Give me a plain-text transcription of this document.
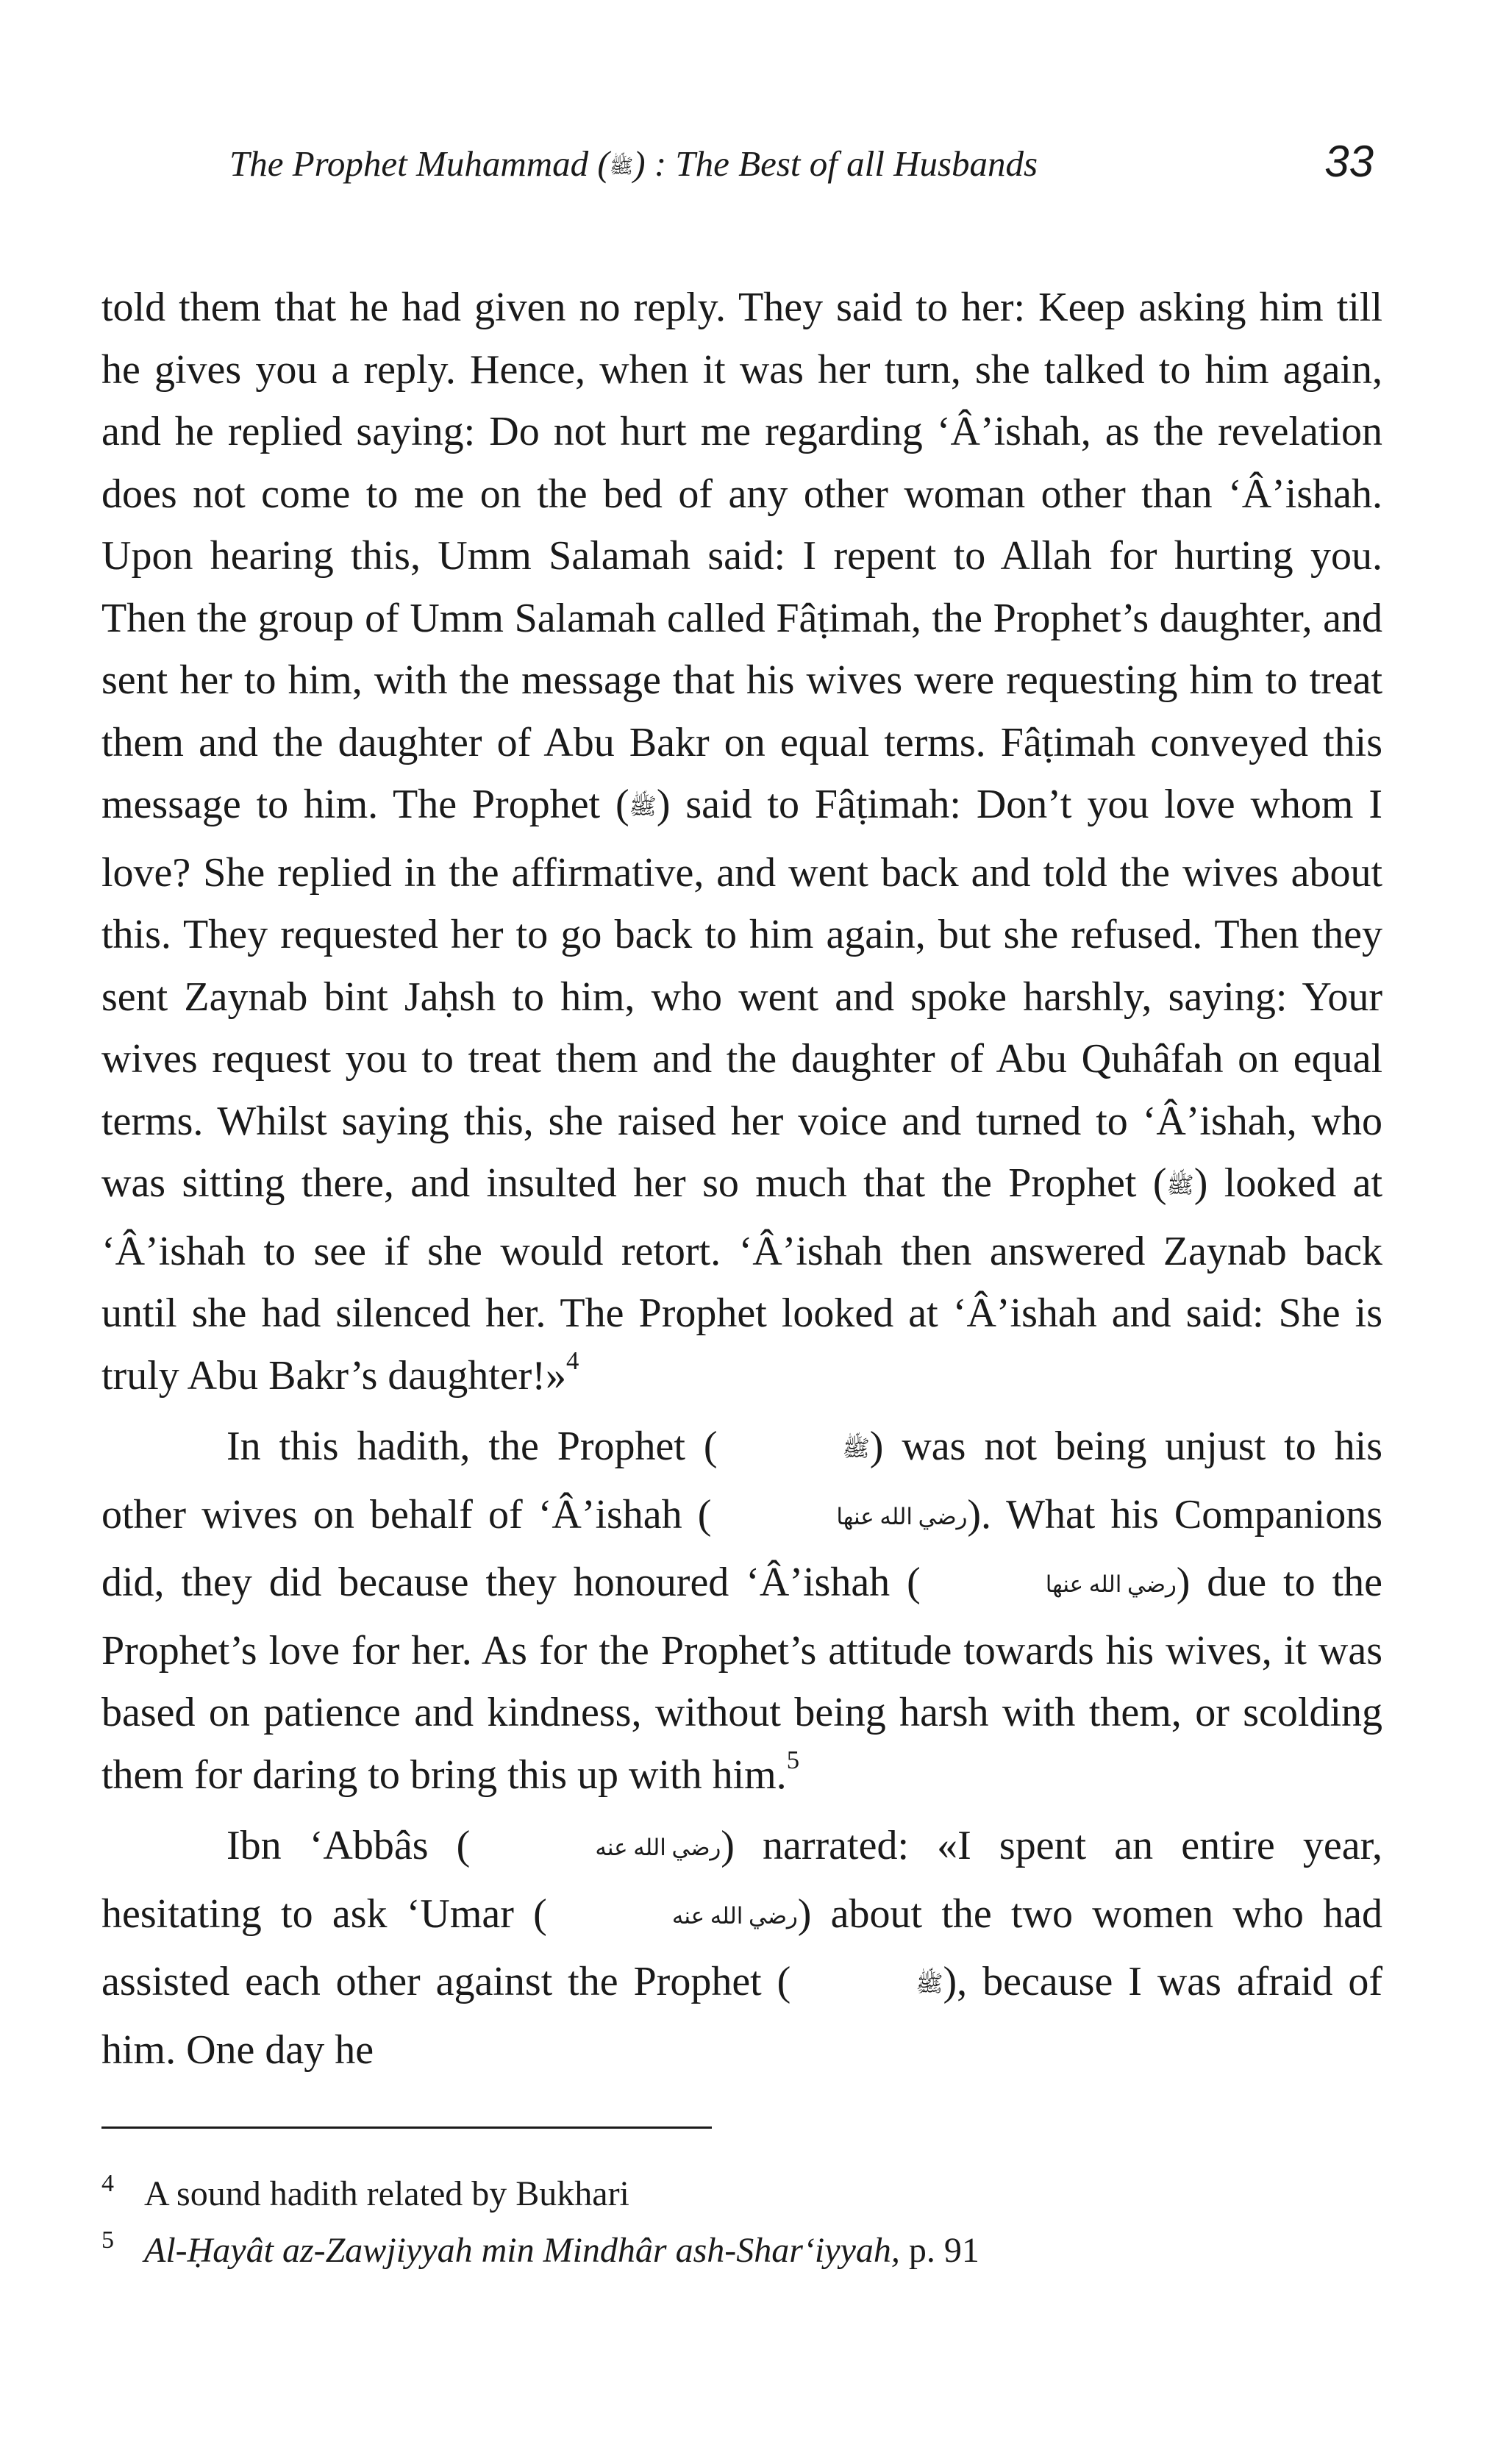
The Prophet Muhammad (ﷺ) : The Best of all Husbands	33

told them that he had given no reply. They said to her: Keep asking him till he gives you a reply. Hence, when it was her turn, she talked to him again, and he replied saying: Do not hurt me regarding ‘Â’ishah, as the revelation does not come to me on the bed of any other woman other than ‘Â’ishah. Upon hearing this, Umm Salamah said: I repent to Allah for hurting you. Then the group of Umm Salamah called Fâṭimah, the Prophet’s daughter, and sent her to him, with the message that his wives were requesting him to treat them and the daughter of Abu Bakr on equal terms. Fâṭimah conveyed this message to him. The Prophet (ﷺ) said to Fâṭimah: Don’t you love whom I love? She replied in the affirmative, and went back and told the wives about this. They requested her to go back to him again, but she refused. Then they sent Zaynab bint Jaḥsh to him, who went and spoke harshly, saying: Your wives request you to treat them and the daughter of Abu Quhâfah on equal terms. Whilst saying this, she raised her voice and turned to ‘Â’ishah, who was sitting there, and insulted her so much that the Prophet (ﷺ) looked at ‘Â’ishah to see if she would retort. ‘Â’ishah then answered Zaynab back until she had silenced her. The Prophet looked at ‘Â’ishah and said: She is truly Abu Bakr’s daughter!»$^4$

In this hadith, the Prophet (	ﷺ) was not being unjust to his other wives on behalf of ‘Â’ishah (	رضي الله عنها). What his Companions did, they did because they honoured ‘Â’ishah (	رضي الله عنها) due to the Prophet’s love for her. As for the Prophet’s attitude towards his wives, it was based on patience and kindness, without being harsh with them, or scolding them for daring to bring this up with him.$^5$

Ibn ‘Abbâs (	رضي الله عنه) narrated: «I spent an entire year, hesitating to ask ‘Umar (	رضي الله عنه) about the two women who had assisted each other against the Prophet (	ﷺ), because I was afraid of him. One day he

4 A sound hadith related by Bukhari
5 Al-Ḥayât az-Zawjiyyah min Mindhâr ash-Shar‘iyyah, p. 91
